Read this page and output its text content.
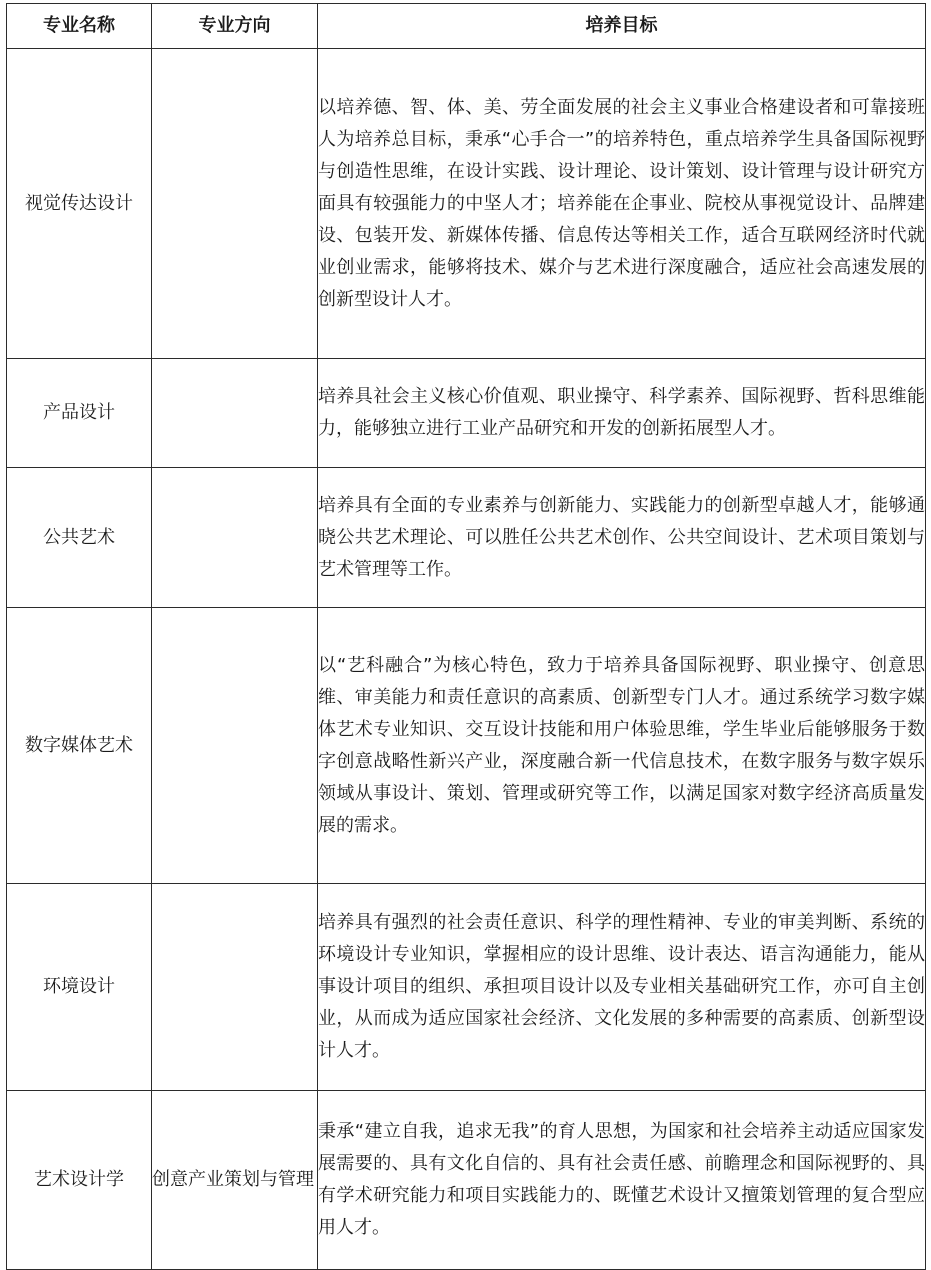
专业名称	专业方向	培养目标
视觉传达设计		以培养德、智、体、美、劳全面发展的社会主义事业合格建设者和可靠接班人为培养总目标，秉承“心手合一”的培养特色，重点培养学生具备国际视野与创造性思维，在设计实践、设计理论、设计策划、设计管理与设计研究方面具有较强能力的中坚人才；培养能在企事业、院校从事视觉设计、品牌建设、包装开发、新媒体传播、信息传达等相关工作，适合互联网经济时代就业创业需求，能够将技术、媒介与艺术进行深度融合，适应社会高速发展的创新型设计人才。
产品设计		培养具社会主义核心价值观、职业操守、科学素养、国际视野、哲科思维能力，能够独立进行工业产品研究和开发的创新拓展型人才。
公共艺术		培养具有全面的专业素养与创新能力、实践能力的创新型卓越人才，能够通晓公共艺术理论、可以胜任公共艺术创作、公共空间设计、艺术项目策划与艺术管理等工作。
数字媒体艺术		以“艺科融合”为核心特色，致力于培养具备国际视野、职业操守、创意思维、审美能力和责任意识的高素质、创新型专门人才。通过系统学习数字媒体艺术专业知识、交互设计技能和用户体验思维，学生毕业后能够服务于数字创意战略性新兴产业，深度融合新一代信息技术，在数字服务与数字娱乐领域从事设计、策划、管理或研究等工作，以满足国家对数字经济高质量发展的需求。
环境设计		培养具有强烈的社会责任意识、科学的理性精神、专业的审美判断、系统的环境设计专业知识，掌握相应的设计思维、设计表达、语言沟通能力，能从事设计项目的组织、承担项目设计以及专业相关基础研究工作，亦可自主创业，从而成为适应国家社会经济、文化发展的多种需要的高素质、创新型设计人才。
艺术设计学	创意产业策划与管理	秉承“建立自我，追求无我”的育人思想，为国家和社会培养主动适应国家发展需要的、具有文化自信的、具有社会责任感、前瞻理念和国际视野的、具有学术研究能力和项目实践能力的、既懂艺术设计又擅策划管理的复合型应用人才。
